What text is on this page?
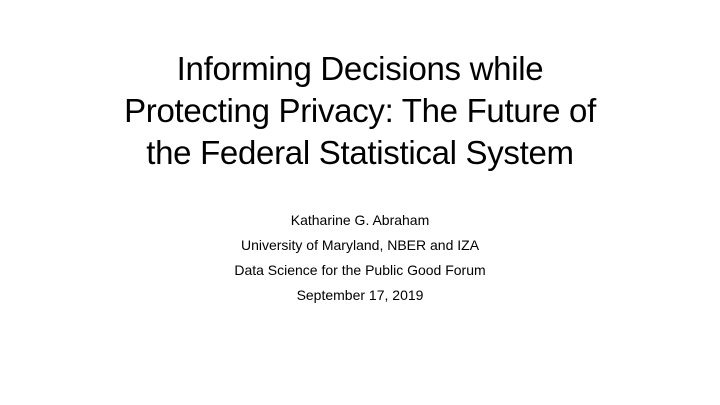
Informing Decisions while
Protecting Privacy: The Future of
the Federal Statistical System
Katharine G. Abraham
University of Maryland, NBER and IZA
Data Science for the Public Good Forum
September 17, 2019
